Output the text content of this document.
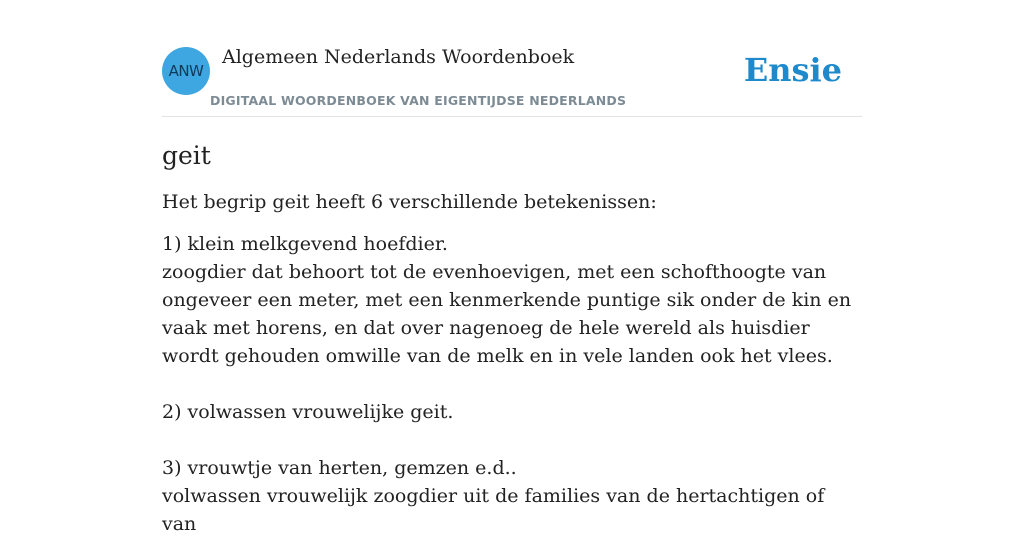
ANW
Algemeen Nederlands Woordenboek
DIGITAAL WOORDENBOEK VAN EIGENTIJDSE NEDERLANDS
Ensie
geit

Het begrip geit heeft 6 verschillende betekenissen:

1) klein melkgevend hoefdier.

zoogdier dat behoort tot de evenhoevigen, met een schofthoogte van ongeveer een meter, met een kenmerkende puntige sik onder de kin en vaak met horens, en dat over nagenoeg de hele wereld als huisdier wordt gehouden omwille van de melk en in vele landen ook het vlees.

2) volwassen vrouwelijke geit.

3) vrouwtje van herten, gemzen e.d..

volwassen vrouwelijk zoogdier uit de families van de hertachtigen of van
